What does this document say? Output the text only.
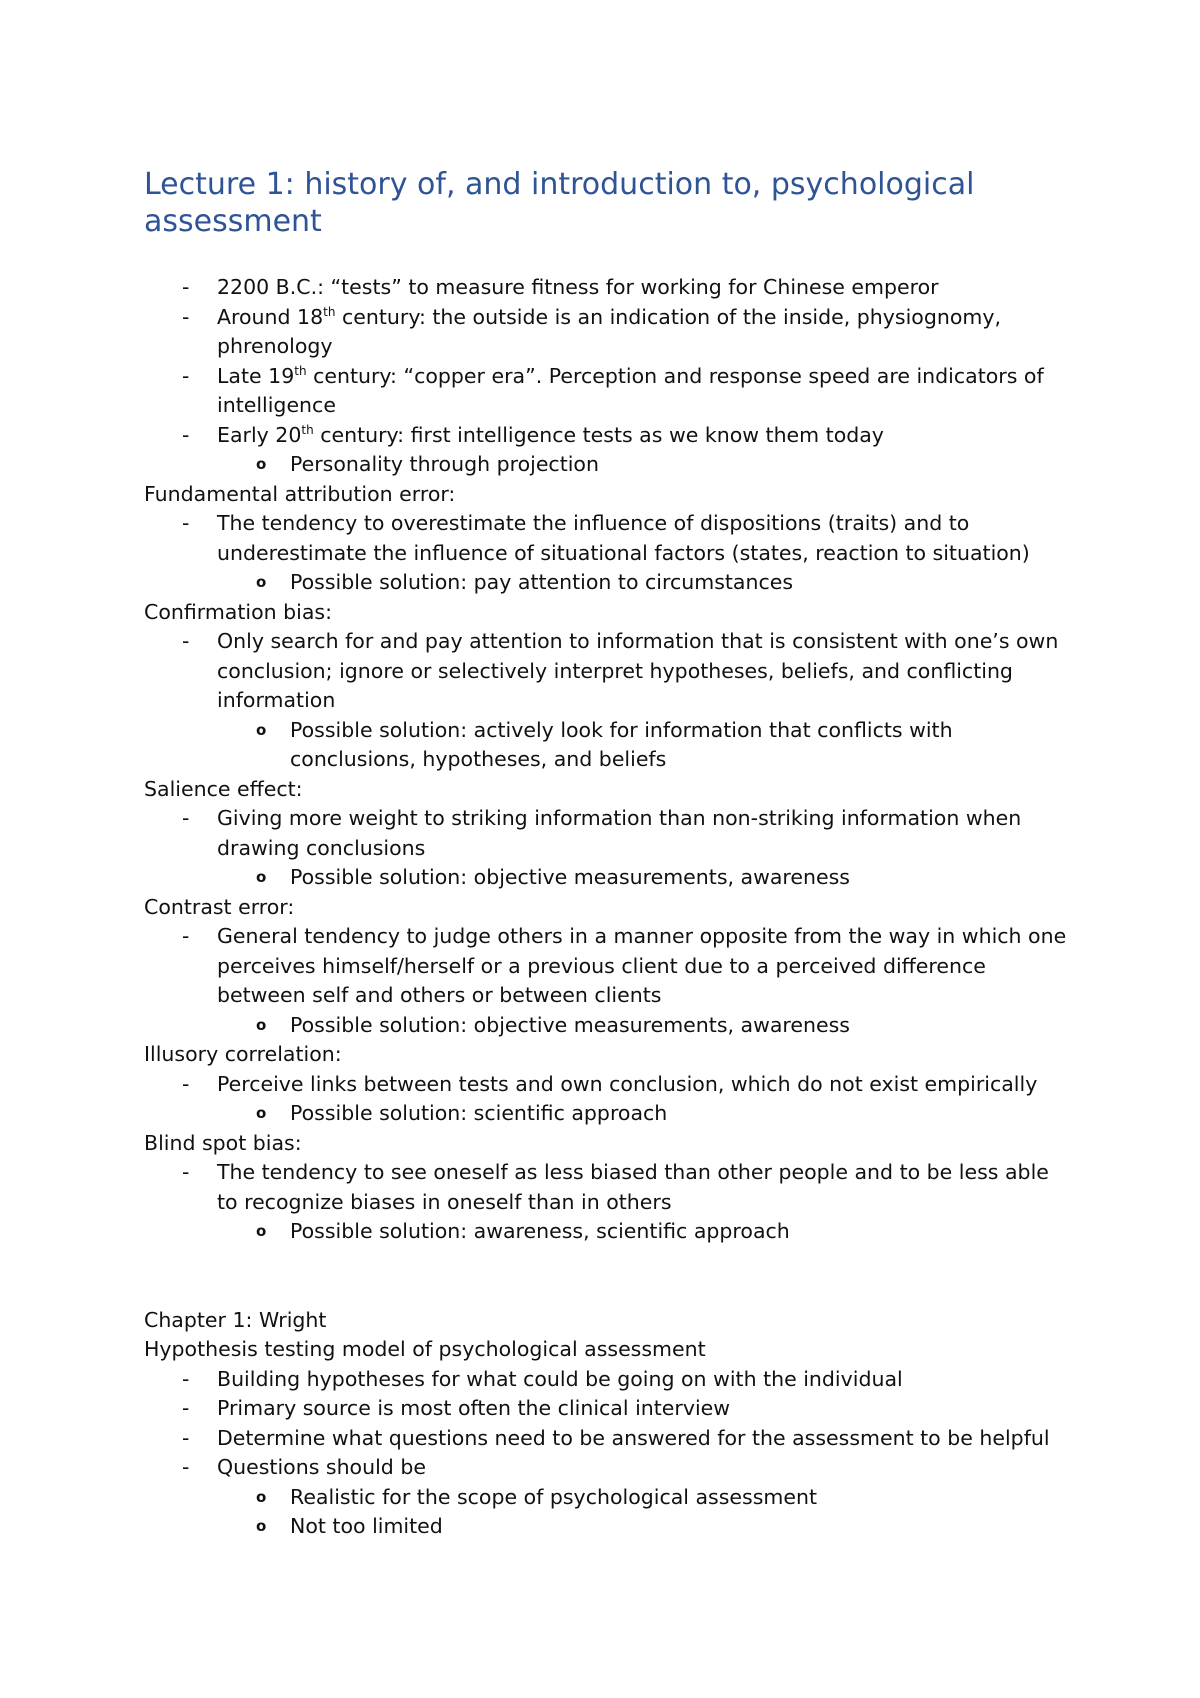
Lecture 1: history of, and introduction to, psychological assessment
- 2200 B.C.: “tests” to measure fitness for working for Chinese emperor
- Around 18th century: the outside is an indication of the inside, physiognomy, phrenology
- Late 19th century: “copper era”. Perception and response speed are indicators of intelligence
- Early 20th century: first intelligence tests as we know them today
o Personality through projection

Fundamental attribution error:

- The tendency to overestimate the influence of dispositions (traits) and to underestimate the influence of situational factors (states, reaction to situation)
o Possible solution: pay attention to circumstances

Confirmation bias:

- Only search for and pay attention to information that is consistent with one’s own conclusion; ignore or selectively interpret hypotheses, beliefs, and conflicting information
o Possible solution: actively look for information that conflicts with conclusions, hypotheses, and beliefs

Salience effect:

- Giving more weight to striking information than non-striking information when drawing conclusions
o Possible solution: objective measurements, awareness

Contrast error:

- General tendency to judge others in a manner opposite from the way in which one perceives himself/herself or a previous client due to a perceived difference between self and others or between clients
o Possible solution: objective measurements, awareness

Illusory correlation:

- Perceive links between tests and own conclusion, which do not exist empirically
o Possible solution: scientific approach

Blind spot bias:

- The tendency to see oneself as less biased than other people and to be less able to recognize biases in oneself than in others
o Possible solution: awareness, scientific approach

Chapter 1: Wright

Hypothesis testing model of psychological assessment

- Building hypotheses for what could be going on with the individual
- Primary source is most often the clinical interview
- Determine what questions need to be answered for the assessment to be helpful
- Questions should be
o Realistic for the scope of psychological assessment
o Not too limited
